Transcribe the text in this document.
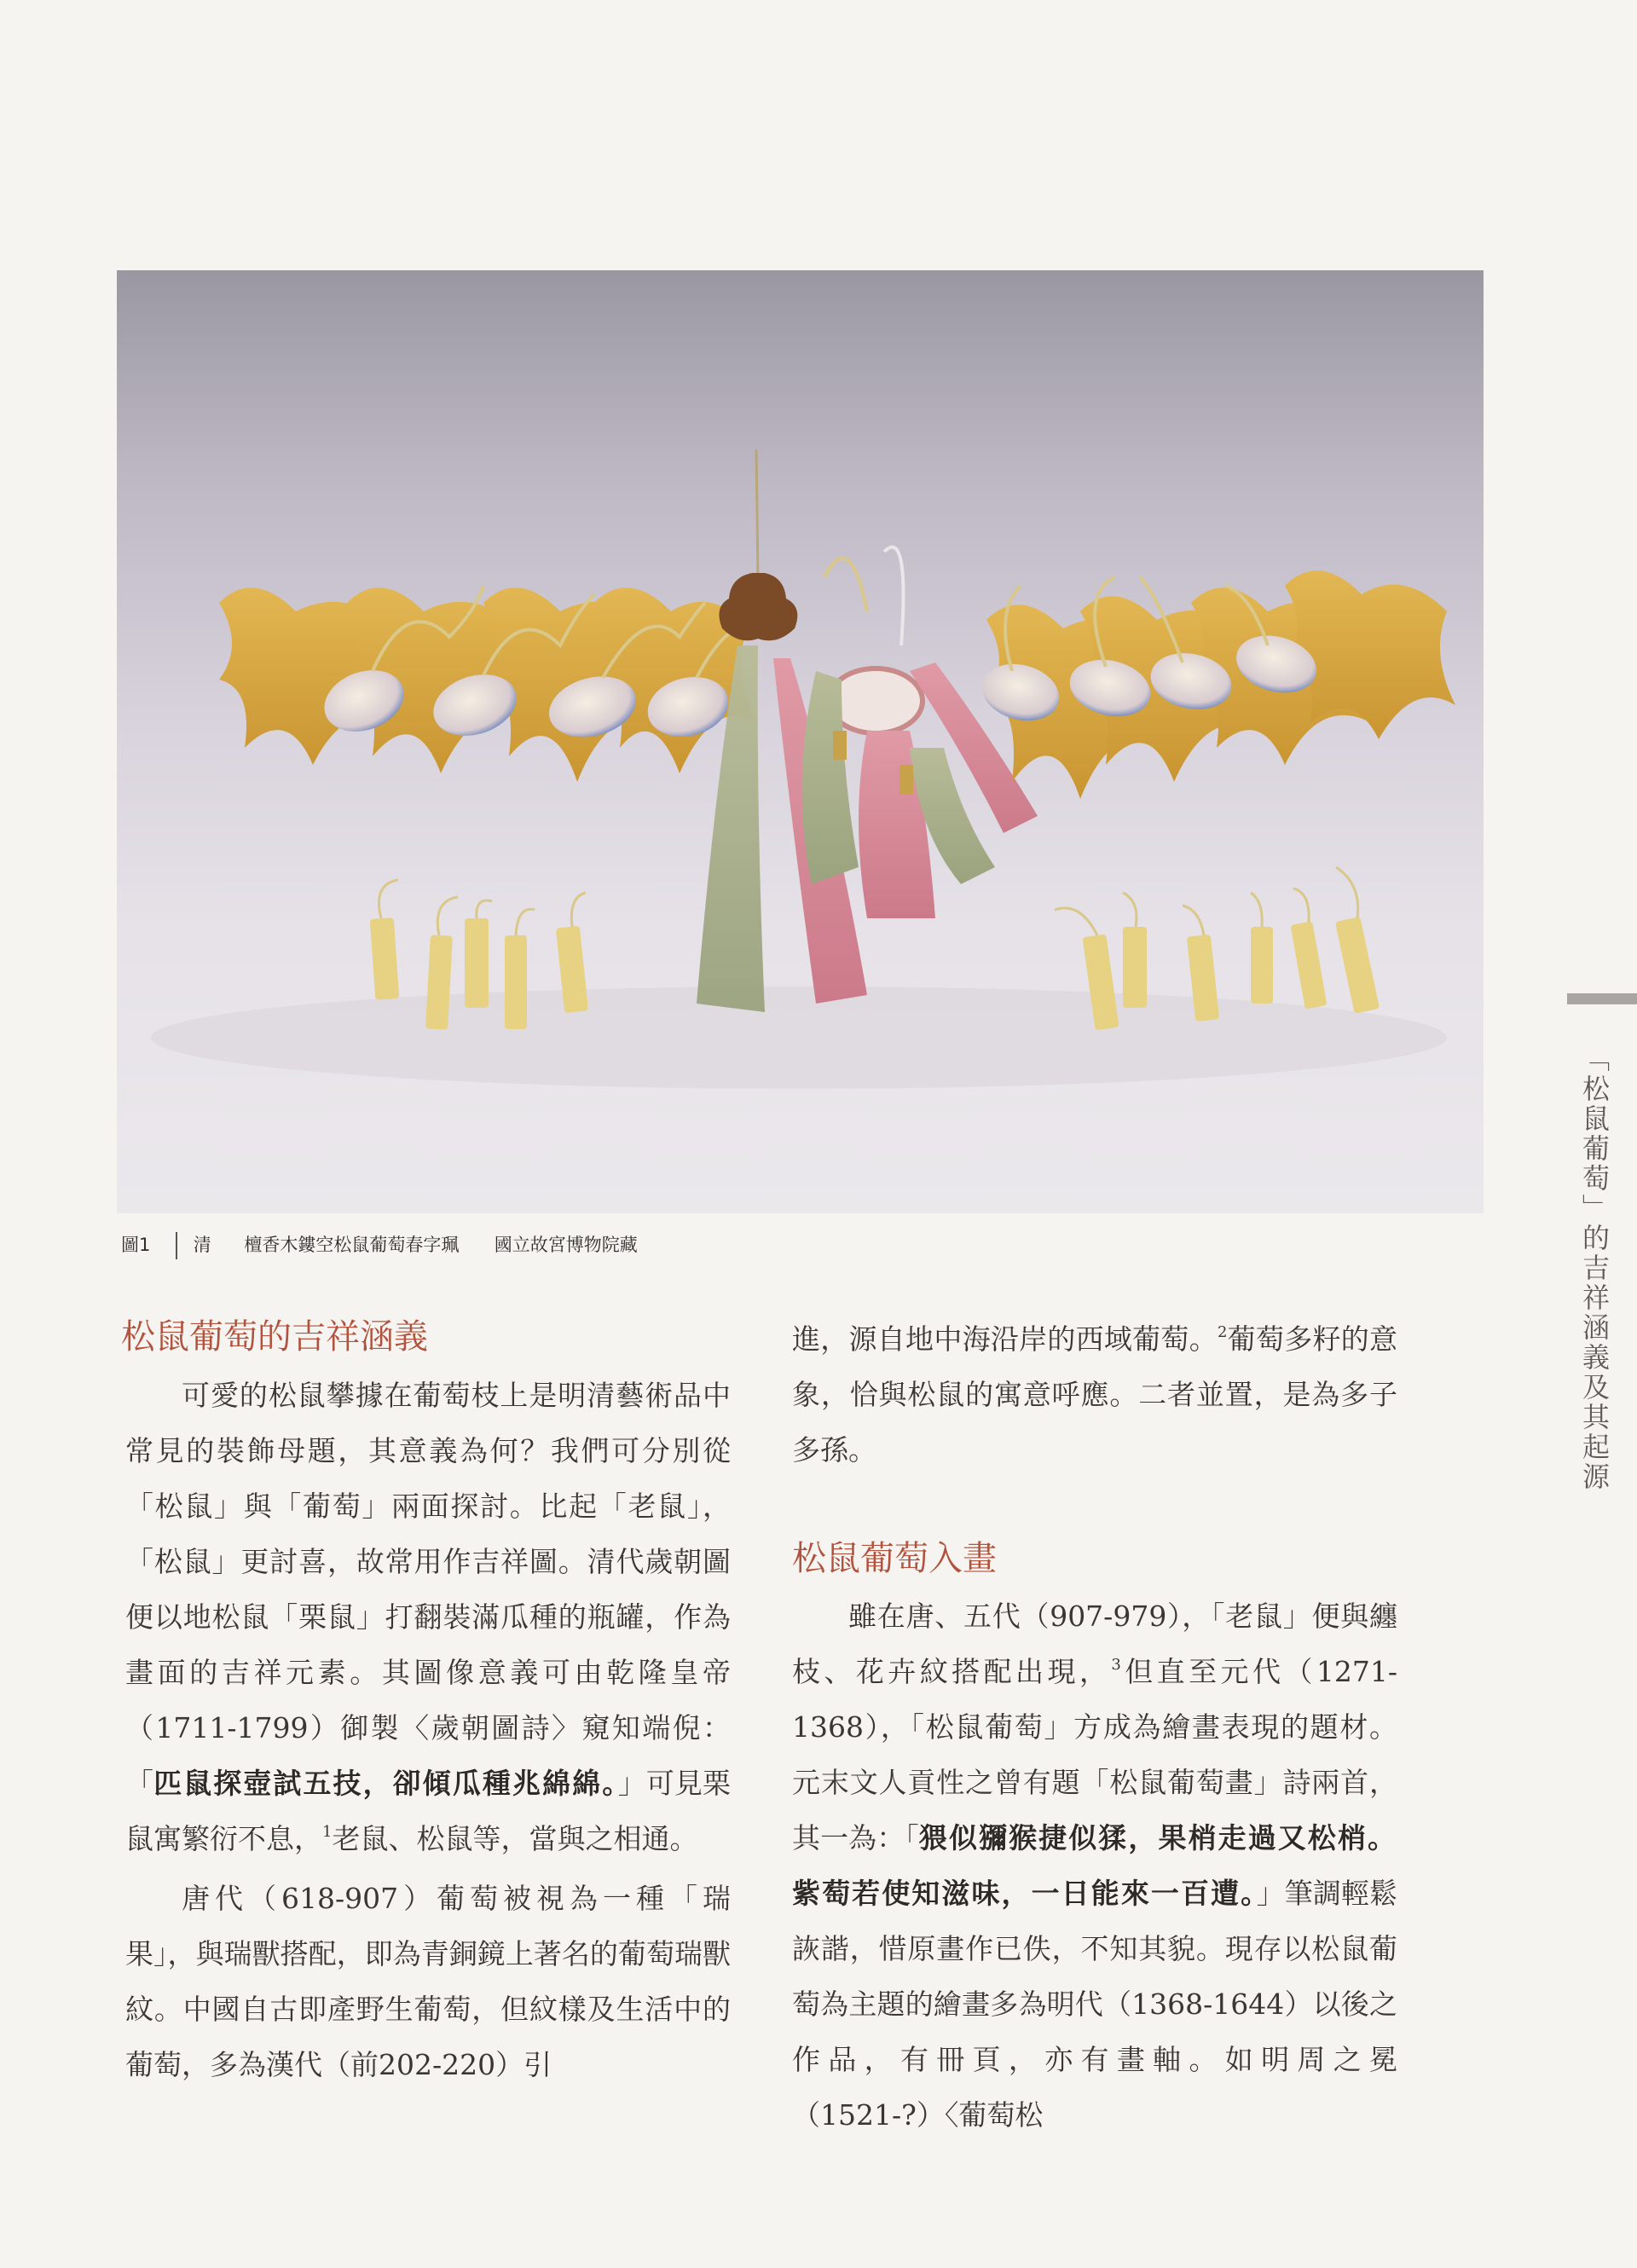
圖1 清 檀香木鏤空松鼠葡萄春字珮 國立故宮博物院藏
松鼠葡萄的吉祥涵義

可愛的松鼠攀據在葡萄枝上是明清藝術品中常見的裝飾母題，其意義為何？我們可分別從「松鼠」與「葡萄」兩面探討。比起「老鼠」，「松鼠」更討喜，故常用作吉祥圖。清代歲朝圖便以地松鼠「栗鼠」打翻裝滿瓜種的瓶罐，作為畫面的吉祥元素。其圖像意義可由乾隆皇帝（1711-1799）御製〈歲朝圖詩〉窺知端倪：「匹鼠探壺試五技，卻傾瓜種兆綿綿。」可見栗鼠寓繁衍不息，$^1$老鼠、松鼠等，當與之相通。

唐代（618-907）葡萄被視為一種「瑞果」，與瑞獸搭配，即為青銅鏡上著名的葡萄瑞獸紋。中國自古即產野生葡萄，但紋樣及生活中的葡萄，多為漢代（前202-220）引

進，源自地中海沿岸的西域葡萄。$^2$葡萄多籽的意象，恰與松鼠的寓意呼應。二者並置，是為多子多孫。

松鼠葡萄入畫

雖在唐、五代（907-979），「老鼠」便與纏枝、花卉紋搭配出現，$^3$但直至元代（1271-1368），「松鼠葡萄」方成為繪畫表現的題材。元末文人貢性之曾有題「松鼠葡萄畫」詩兩首，其一為：「猥似獼猴捷似猱，果梢走過又松梢。紫萄若使知滋味，一日能來一百遭。」筆調輕鬆詼諧，惜原畫作已佚，不知其貌。現存以松鼠葡萄為主題的繪畫多為明代（1368-1644）以後之作品，有冊頁，亦有畫軸。如明周之冕（1521-?）〈葡萄松

「松鼠葡萄」的吉祥涵義及其起源
